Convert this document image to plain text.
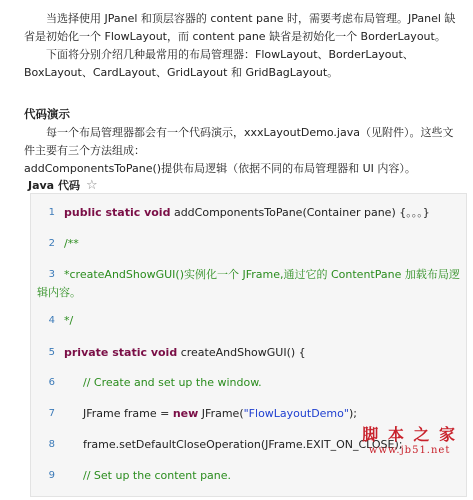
当选择使用 JPanel 和顶层容器的 content pane 时，需要考虑布局管理。JPanel 缺省是初始化一个 FlowLayout，而 content pane 缺省是初始化一个 BorderLayout。

下面将分别介绍几种最常用的布局管理器：FlowLayout、BorderLayout、BoxLayout、CardLayout、GridLayout 和 GridBagLayout。

代码演示

每一个布局管理器都会有一个代码演示，xxxLayoutDemo.java（见附件）。这些文件主要有三个方法组成：

addComponentsToPane()提供布局逻辑（依据不同的布局管理器和 UI 内容）。

Java 代码 ☆
1 public static void addComponentsToPane(Container pane) {。。。}
2 /**
3 *createAndShowGUI()实例化一个 JFrame,通过它的 ContentPane 加载布局逻辑内容。
4 */
5 private static void createAndShowGUI() {
6	// Create and set up the window.
7	JFrame frame = new JFrame("FlowLayoutDemo");
8	frame.setDefaultCloseOperation(JFrame.EXIT_ON_CLOSE);
9	// Set up the content pane.
脚 本 之 家
www.jb51.net
